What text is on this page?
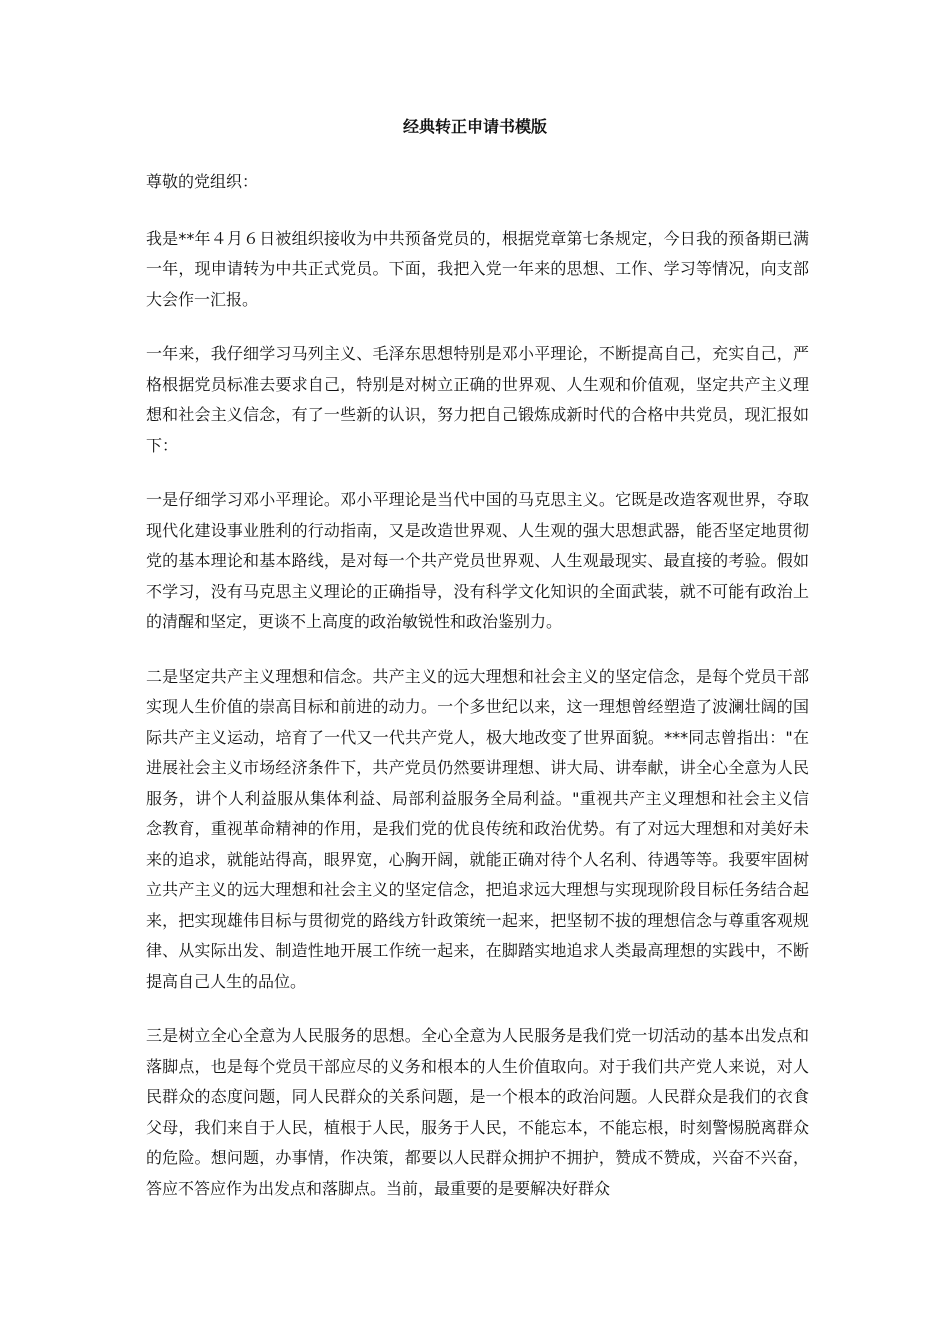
经典转正申请书模版

尊敬的党组织：

我是**年４月６日被组织接收为中共预备党员的，根据党章第七条规定，今日我的预备期已满一年，现申请转为中共正式党员。下面，我把入党一年来的思想、工作、学习等情况，向支部大会作一汇报。

一年来，我仔细学习马列主义、毛泽东思想特别是邓小平理论，不断提高自己，充实自己，严格根据党员标准去要求自己，特别是对树立正确的世界观、人生观和价值观，坚定共产主义理想和社会主义信念，有了一些新的认识，努力把自己锻炼成新时代的合格中共党员，现汇报如下：

一是仔细学习邓小平理论。邓小平理论是当代中国的马克思主义。它既是改造客观世界，夺取现代化建设事业胜利的行动指南，又是改造世界观、人生观的强大思想武器，能否坚定地贯彻党的基本理论和基本路线，是对每一个共产党员世界观、人生观最现实、最直接的考验。假如不学习，没有马克思主义理论的正确指导，没有科学文化知识的全面武装，就不可能有政治上的清醒和坚定，更谈不上高度的政治敏锐性和政治鉴别力。

二是坚定共产主义理想和信念。共产主义的远大理想和社会主义的坚定信念，是每个党员干部实现人生价值的崇高目标和前进的动力。一个多世纪以来，这一理想曾经塑造了波澜壮阔的国际共产主义运动，培育了一代又一代共产党人，极大地改变了世界面貌。***同志曾指出："在进展社会主义市场经济条件下，共产党员仍然要讲理想、讲大局、讲奉献，讲全心全意为人民服务，讲个人利益服从集体利益、局部利益服务全局利益。"重视共产主义理想和社会主义信念教育，重视革命精神的作用，是我们党的优良传统和政治优势。有了对远大理想和对美好未来的追求，就能站得高，眼界宽，心胸开阔，就能正确对待个人名利、待遇等等。我要牢固树立共产主义的远大理想和社会主义的坚定信念，把追求远大理想与实现现阶段目标任务结合起来，把实现雄伟目标与贯彻党的路线方针政策统一起来，把坚韧不拔的理想信念与尊重客观规律、从实际出发、制造性地开展工作统一起来，在脚踏实地追求人类最高理想的实践中，不断提高自己人生的品位。

三是树立全心全意为人民服务的思想。全心全意为人民服务是我们党一切活动的基本出发点和落脚点，也是每个党员干部应尽的义务和根本的人生价值取向。对于我们共产党人来说，对人民群众的态度问题，同人民群众的关系问题，是一个根本的政治问题。人民群众是我们的衣食父母，我们来自于人民，植根于人民，服务于人民，不能忘本，不能忘根，时刻警惕脱离群众的危险。想问题，办事情，作决策，都要以人民群众拥护不拥护，赞成不赞成，兴奋不兴奋，答应不答应作为出发点和落脚点。当前，最重要的是要解决好群众
